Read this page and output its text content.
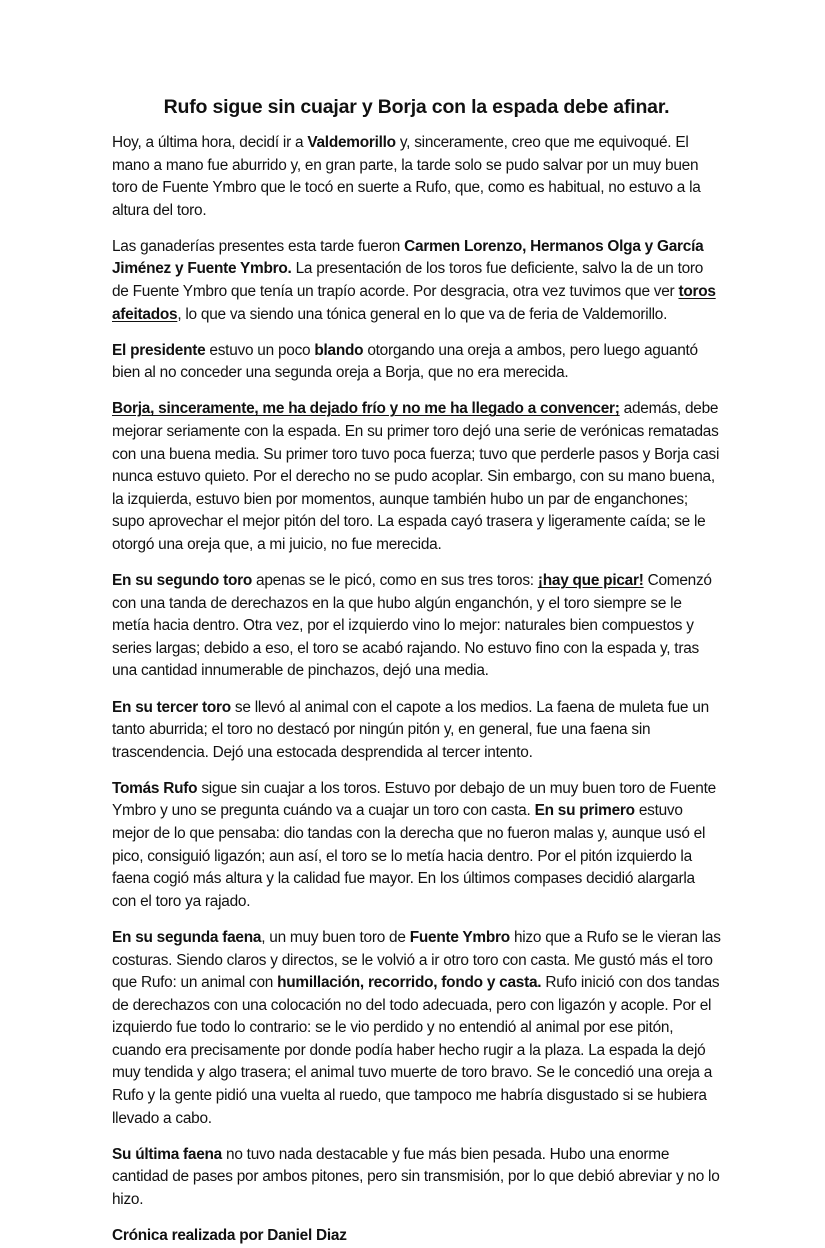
Rufo sigue sin cuajar y Borja con la espada debe afinar.

Hoy, a última hora, decidí ir a Valdemorillo y, sinceramente, creo que me equivoqué. El mano a mano fue aburrido y, en gran parte, la tarde solo se pudo salvar por un muy buen toro de Fuente Ymbro que le tocó en suerte a Rufo, que, como es habitual, no estuvo a la altura del toro.

Las ganaderías presentes esta tarde fueron Carmen Lorenzo, Hermanos Olga y García Jiménez y Fuente Ymbro. La presentación de los toros fue deficiente, salvo la de un toro de Fuente Ymbro que tenía un trapío acorde. Por desgracia, otra vez tuvimos que ver toros afeitados, lo que va siendo una tónica general en lo que va de feria de Valdemorillo.

El presidente estuvo un poco blando otorgando una oreja a ambos, pero luego aguantó bien al no conceder una segunda oreja a Borja, que no era merecida.

Borja, sinceramente, me ha dejado frío y no me ha llegado a convencer; además, debe mejorar seriamente con la espada. En su primer toro dejó una serie de verónicas rematadas con una buena media. Su primer toro tuvo poca fuerza; tuvo que perderle pasos y Borja casi nunca estuvo quieto. Por el derecho no se pudo acoplar. Sin embargo, con su mano buena, la izquierda, estuvo bien por momentos, aunque también hubo un par de enganchones; supo aprovechar el mejor pitón del toro. La espada cayó trasera y ligeramente caída; se le otorgó una oreja que, a mi juicio, no fue merecida.

En su segundo toro apenas se le picó, como en sus tres toros: ¡hay que picar! Comenzó con una tanda de derechazos en la que hubo algún enganchón, y el toro siempre se le metía hacia dentro. Otra vez, por el izquierdo vino lo mejor: naturales bien compuestos y series largas; debido a eso, el toro se acabó rajando. No estuvo fino con la espada y, tras una cantidad innumerable de pinchazos, dejó una media.

En su tercer toro se llevó al animal con el capote a los medios. La faena de muleta fue un tanto aburrida; el toro no destacó por ningún pitón y, en general, fue una faena sin trascendencia. Dejó una estocada desprendida al tercer intento.

Tomás Rufo sigue sin cuajar a los toros. Estuvo por debajo de un muy buen toro de Fuente Ymbro y uno se pregunta cuándo va a cuajar un toro con casta. En su primero estuvo mejor de lo que pensaba: dio tandas con la derecha que no fueron malas y, aunque usó el pico, consiguió ligazón; aun así, el toro se lo metía hacia dentro. Por el pitón izquierdo la faena cogió más altura y la calidad fue mayor. En los últimos compases decidió alargarla con el toro ya rajado.

En su segunda faena, un muy buen toro de Fuente Ymbro hizo que a Rufo se le vieran las costuras. Siendo claros y directos, se le volvió a ir otro toro con casta. Me gustó más el toro que Rufo: un animal con humillación, recorrido, fondo y casta. Rufo inició con dos tandas de derechazos con una colocación no del todo adecuada, pero con ligazón y acople. Por el izquierdo fue todo lo contrario: se le vio perdido y no entendió al animal por ese pitón, cuando era precisamente por donde podía haber hecho rugir a la plaza. La espada la dejó muy tendida y algo trasera; el animal tuvo muerte de toro bravo. Se le concedió una oreja a Rufo y la gente pidió una vuelta al ruedo, que tampoco me habría disgustado si se hubiera llevado a cabo.

Su última faena no tuvo nada destacable y fue más bien pesada. Hubo una enorme cantidad de pases por ambos pitones, pero sin transmisión, por lo que debió abreviar y no lo hizo.

Crónica realizada por Daniel Diaz
